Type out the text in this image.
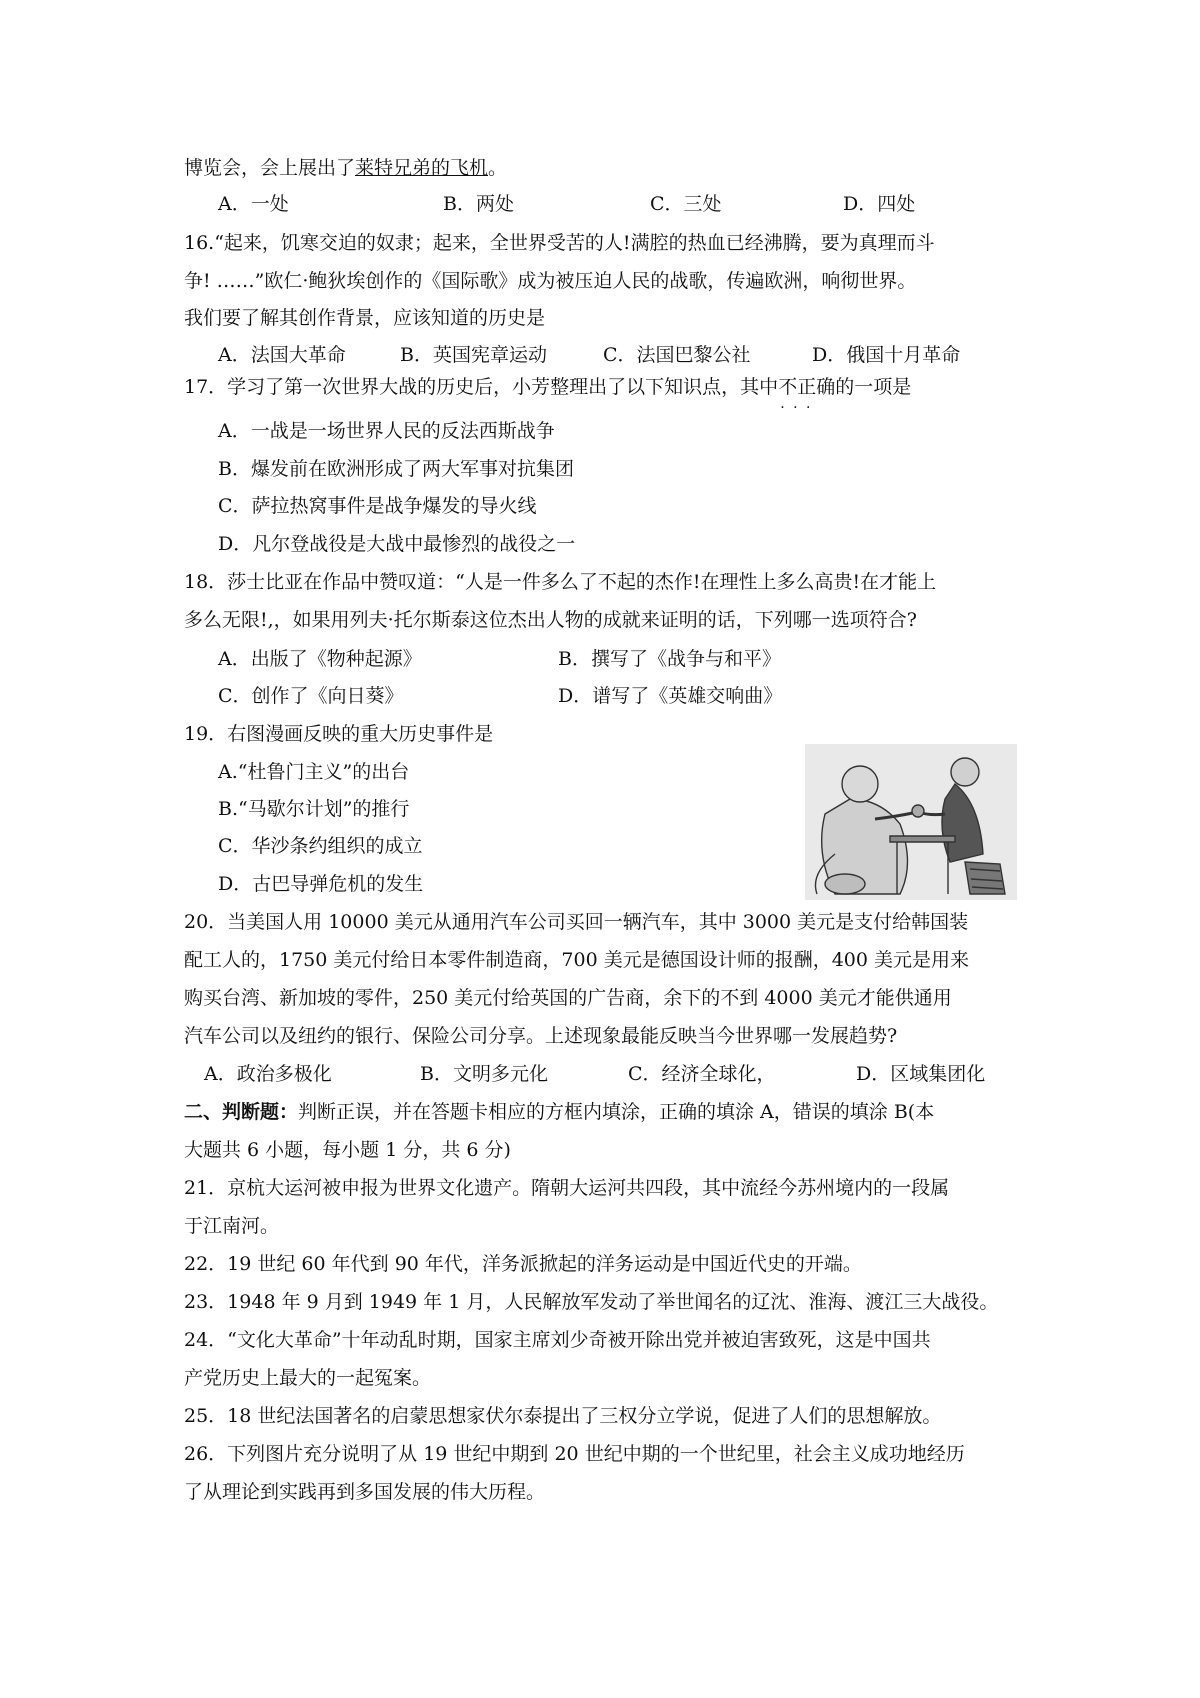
博览会，会上展出了莱特兄弟的飞机。
A．一处	B．两处	C．三处	D．四处
16.“起来，饥寒交迫的奴隶；起来，全世界受苦的人!满腔的热血已经沸腾，要为真理而斗
争! ……”欧仁·鲍狄埃创作的《国际歌》成为被压迫人民的战歌，传遍欧洲，响彻世界。
我们要了解其创作背景，应该知道的历史是
A．法国大革命	B．英国宪章运动	C．法国巴黎公社	D．俄国十月革命
17．学习了第一次世界大战的历史后，小芳整理出了以下知识点，其中不正确 · · ·的一项是
A．一战是一场世界人民的反法西斯战争
B．爆发前在欧洲形成了两大军事对抗集团
C．萨拉热窝事件是战争爆发的导火线
D．凡尔登战役是大战中最惨烈的战役之一
18．莎士比亚在作品中赞叹道：“人是一件多么了不起的杰作!在理性上多么高贵!在才能上
多么无限!,，如果用列夫·托尔斯泰这位杰出人物的成就来证明的话，下列哪一选项符合?
A．出版了《物种起源》	B．撰写了《战争与和平》
C．创作了《向日葵》	D．谱写了《英雄交响曲》
19．右图漫画反映的重大历史事件是
A.“杜鲁门主义”的出台
B.“马歇尔计划”的推行
C．华沙条约组织的成立
D．古巴导弹危机的发生
20．当美国人用 10000 美元从通用汽车公司买回一辆汽车，其中 3000 美元是支付给韩国装
配工人的，1750 美元付给日本零件制造商，700 美元是德国设计师的报酬，400 美元是用来
购买台湾、新加坡的零件，250 美元付给英国的广告商，余下的不到 4000 美元才能供通用
汽车公司以及纽约的银行、保险公司分享。上述现象最能反映当今世界哪一发展趋势?
A．政治多极化	B．文明多元化	C．经济全球化，	D．区域集团化
二、判断题：判断正误，并在答题卡相应的方框内填涂，正确的填涂 A，错误的填涂 B(本
大题共 6 小题，每小题 1 分，共 6 分)
21．京杭大运河被申报为世界文化遗产。隋朝大运河共四段，其中流经今苏州境内的一段属
于江南河。
22．19 世纪 60 年代到 90 年代，洋务派掀起的洋务运动是中国近代史的开端。
23．1948 年 9 月到 1949 年 1 月，人民解放军发动了举世闻名的辽沈、淮海、渡江三大战役。
24．“文化大革命”十年动乱时期，国家主席刘少奇被开除出党并被迫害致死，这是中国共
产党历史上最大的一起冤案。
25．18 世纪法国著名的启蒙思想家伏尔泰提出了三权分立学说，促进了人们的思想解放。
26．下列图片充分说明了从 19 世纪中期到 20 世纪中期的一个世纪里，社会主义成功地经历
了从理论到实践再到多国发展的伟大历程。
